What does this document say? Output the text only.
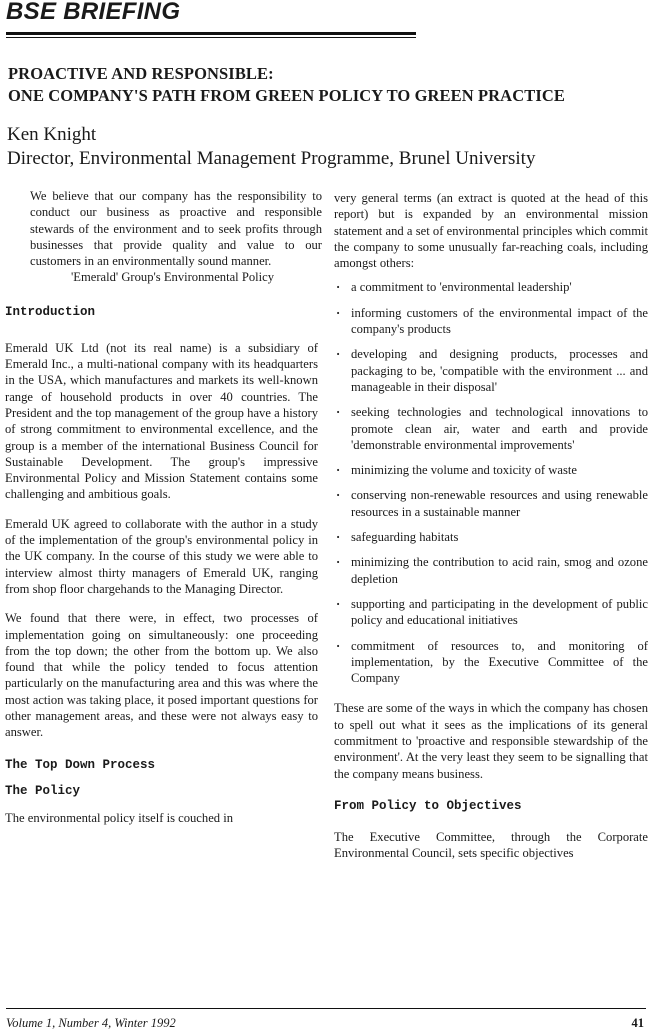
BSE BRIEFING
PROACTIVE AND RESPONSIBLE:
ONE COMPANY'S PATH FROM GREEN POLICY TO GREEN PRACTICE
Ken Knight
Director, Environmental Management Programme, Brunel University

We believe that our company has the responsibility to conduct our business as proactive and responsible stewards of the environment and to seek profits through businesses that provide quality and value to our customers in an environmentally sound manner.

'Emerald' Group's Environmental Policy

Introduction

Emerald UK Ltd (not its real name) is a subsidiary of Emerald Inc., a multi-national company with its headquarters in the USA, which manufactures and markets its well-known range of household products in over 40 countries. The President and the top management of the group have a history of strong commitment to environmental excellence, and the group is a member of the international Business Council for Sustainable Development. The group's impressive Environmental Policy and Mission Statement contains some challenging and ambitious goals.

Emerald UK agreed to collaborate with the author in a study of the implementation of the group's environmental policy in the UK company. In the course of this study we were able to interview almost thirty managers of Emerald UK, ranging from shop floor chargehands to the Managing Director.

We found that there were, in effect, two processes of implementation going on simultaneously: one proceeding from the top down; the other from the bottom up. We also found that while the policy tended to focus attention particularly on the manufacturing area and this was where the most action was taking place, it posed important questions for other management areas, and these were not always easy to answer.

The Top Down Process

The Policy

The environmental policy itself is couched in

very general terms (an extract is quoted at the head of this report) but is expanded by an environmental mission statement and a set of environmental principles which commit the company to some unusually far-reaching coals, including amongst others:

· a commitment to 'environmental leadership'
· informing customers of the environmental impact of the company's products
· developing and designing products, processes and packaging to be, 'compatible with the environment ... and manageable in their disposal'
· seeking technologies and technological innovations to promote clean air, water and earth and provide 'demonstrable environmental improvements'
· minimizing the volume and toxicity of waste
· conserving non-renewable resources and using renewable resources in a sustainable manner
· safeguarding habitats
· minimizing the contribution to acid rain, smog and ozone depletion
· supporting and participating in the development of public policy and educational initiatives
· commitment of resources to, and monitoring of implementation, by the Executive Committee of the Company

These are some of the ways in which the company has chosen to spell out what it sees as the implications of its general commitment to 'proactive and responsible stewardship of the environment'. At the very least they seem to be signalling that the company means business.

From Policy to Objectives

The Executive Committee, through the Corporate Environmental Council, sets specific objectives

Volume 1, Number 4, Winter 1992	41
